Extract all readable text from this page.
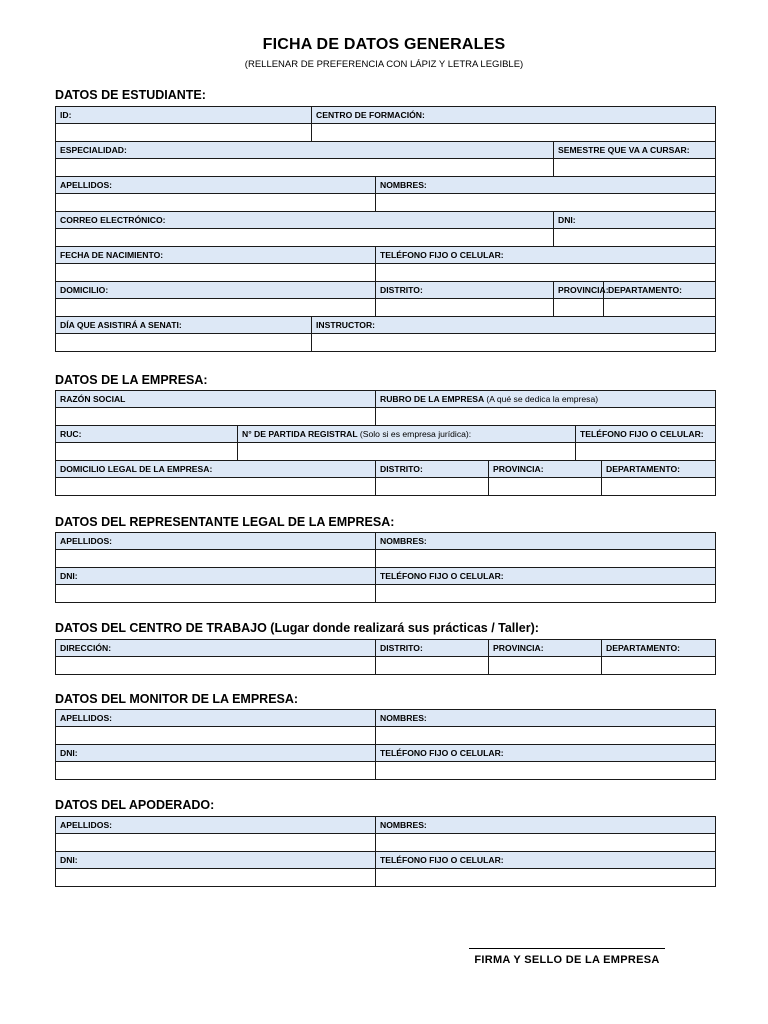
FICHA DE DATOS GENERALES
(RELLENAR DE PREFERENCIA CON LÁPIZ Y LETRA LEGIBLE)
DATOS DE ESTUDIANTE:
ID:	CENTRO DE FORMACIÓN:			

ESPECIALIDAD:			SEMESTRE QUE VA A CURSAR:	

APELLIDOS:		NOMBRES:		

CORREO ELECTRÓNICO:			DNI:	

FECHA DE NACIMIENTO:		TELÉFONO FIJO O CELULAR:		

DOMICILIO:		DISTRITO:	PROVINCIA:	DEPARTAMENTO:

DÍA QUE ASISTIRÁ A SENATI:	INSTRUCTOR:			

DATOS DE LA EMPRESA:
RAZÓN SOCIAL		RUBRO DE LA EMPRESA (A qué se dedica la empresa)	

RUC:	N° DE PARTIDA REGISTRAL (Solo si es empresa jurídica):		TELÉFONO FIJO O CELULAR:

DOMICILIO LEGAL DE LA EMPRESA:	DISTRITO:	PROVINCIA:	DEPARTAMENTO:

DATOS DEL REPRESENTANTE LEGAL DE LA EMPRESA:
APELLIDOS:	NOMBRES:

DNI:	TELÉFONO FIJO O CELULAR:

DATOS DEL CENTRO DE TRABAJO (Lugar donde realizará sus prácticas / Taller):
DIRECCIÓN:	DISTRITO:	PROVINCIA:	DEPARTAMENTO:

DATOS DEL MONITOR DE LA EMPRESA:
APELLIDOS:	NOMBRES:

DNI:	TELÉFONO FIJO O CELULAR:

DATOS DEL APODERADO:
APELLIDOS:	NOMBRES:

DNI:	TELÉFONO FIJO O CELULAR:

FIRMA Y SELLO DE LA EMPRESA
